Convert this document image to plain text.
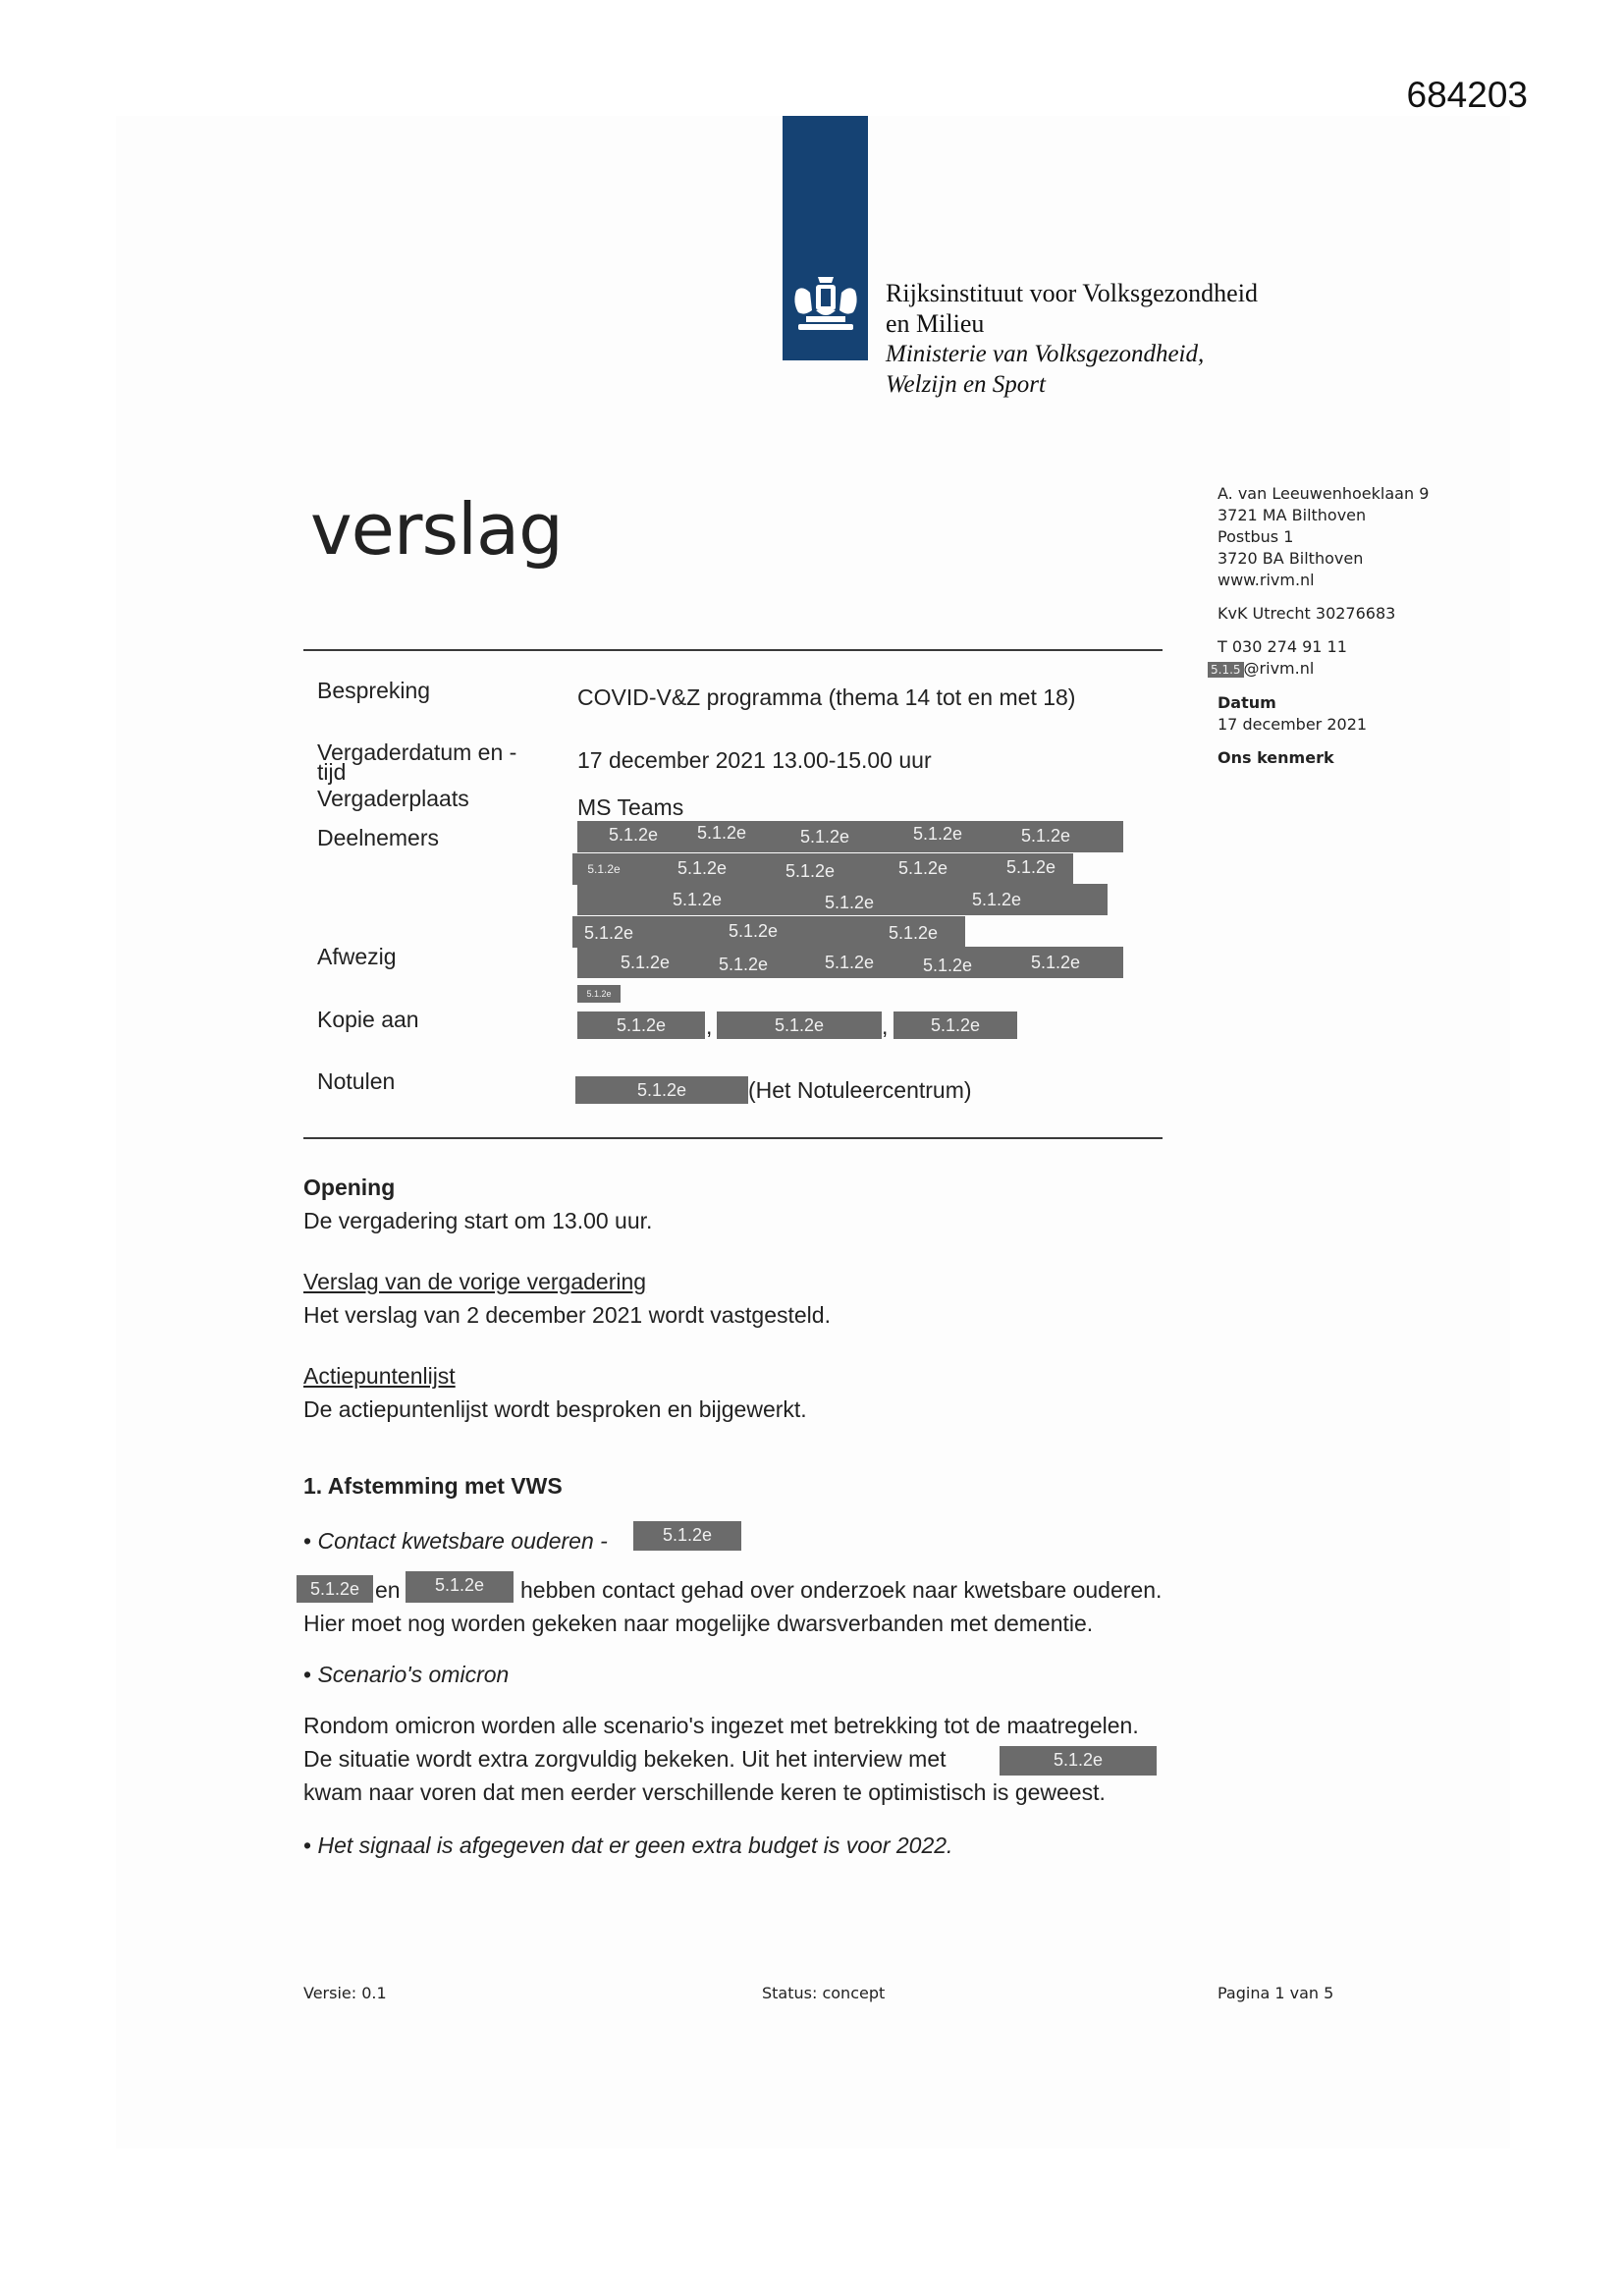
684203
Rijksinstituut voor Volksgezondheid
en Milieu
Ministerie van Volksgezondheid,
Welzijn en Sport
verslag	A. van Leeuwenhoeklaan 9
3721 MA Bilthoven
Postbus 1
3720 BA Bilthoven
www.rivm.nl
KvK Utrecht 30276683
T 030 274 91 11
5.1.5 @rivm.nl
Datum
17 december 2021
Ons kenmerk
Bespreking	COVID-V&Z programma (thema 14 tot en met 18)
Vergaderdatum en -
tijd	17 december 2021 13.00-15.00 uur
Vergaderplaats	MS Teams
Deelnemers	5.1.2e	5.1.2e	5.1.2e	5.1.2e	5.1.2e
5.1.2e	5.1.2e	5.1.2e	5.1.2e	5.1.2e
5.1.2e	5.1.2e	5.1.2e
5.1.2e	5.1.2e	5.1.2e
Afwezig	5.1.2e	5.1.2e	5.1.2e	5.1.2e	5.1.2e
5.1.2e
Kopie aan	5.1.2e	,	5.1.2e	,	5.1.2e
Notulen	5.1.2e	(Het Notuleercentrum)
Opening
De vergadering start om 13.00 uur.
Verslag van de vorige vergadering
Het verslag van 2 december 2021 wordt vastgesteld.
Actiepuntenlijst
De actiepuntenlijst wordt besproken en bijgewerkt.
1. Afstemming met VWS
• Contact kwetsbare ouderen -	5.1.2e
5.1.2e en	5.1.2e	hebben contact gehad over onderzoek naar kwetsbare ouderen.
Hier moet nog worden gekeken naar mogelijke dwarsverbanden met dementie.
• Scenario's omicron
Rondom omicron worden alle scenario's ingezet met betrekking tot de maatregelen.
De situatie wordt extra zorgvuldig bekeken. Uit het interview met	5.1.2e
kwam naar voren dat men eerder verschillende keren te optimistisch is geweest.
• Het signaal is afgegeven dat er geen extra budget is voor 2022.
Versie: 0.1	Status: concept	Pagina 1 van 5
